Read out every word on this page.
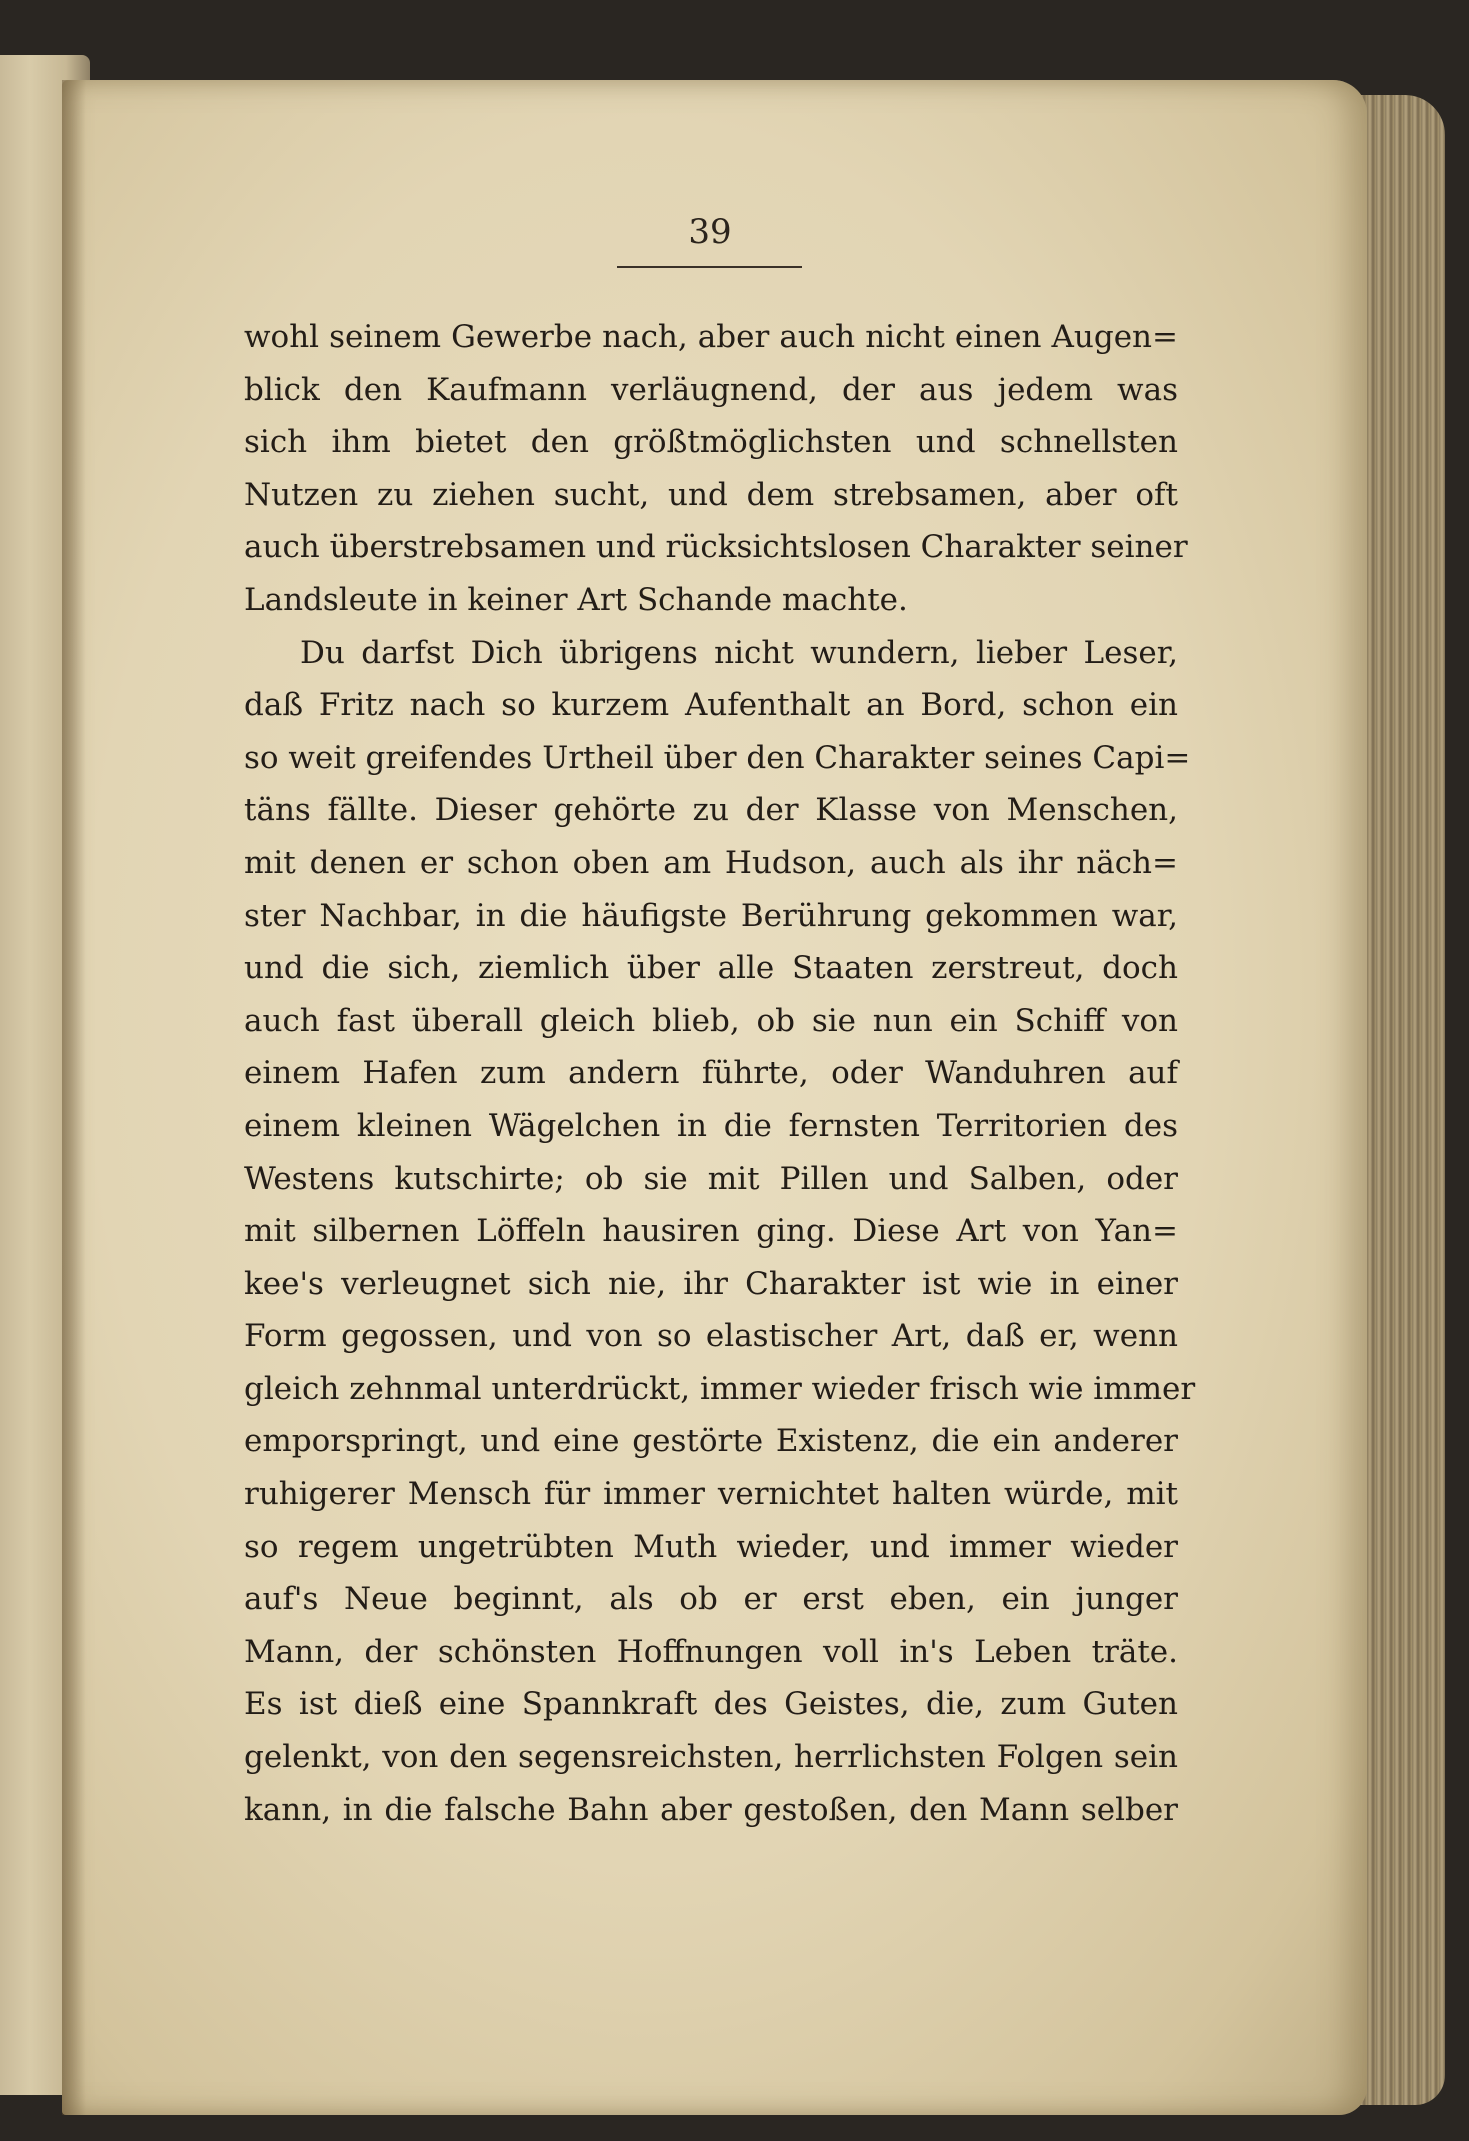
39
wohl seinem Gewerbe nach, aber auch nicht einen Augen=
blick den Kaufmann verläugnend, der aus jedem was
sich ihm bietet den größtmöglichsten und schnellsten
Nutzen zu ziehen sucht, und dem strebsamen, aber oft
auch überstrebsamen und rücksichtslosen Charakter seiner
Landsleute in keiner Art Schande machte.
Du darfst Dich übrigens nicht wundern, lieber Leser,
daß Fritz nach so kurzem Aufenthalt an Bord, schon ein
so weit greifendes Urtheil über den Charakter seines Capi=
täns fällte. Dieser gehörte zu der Klasse von Menschen,
mit denen er schon oben am Hudson, auch als ihr näch=
ster Nachbar, in die häufigste Berührung gekommen war,
und die sich, ziemlich über alle Staaten zerstreut, doch
auch fast überall gleich blieb, ob sie nun ein Schiff von
einem Hafen zum andern führte, oder Wanduhren auf
einem kleinen Wägelchen in die fernsten Territorien des
Westens kutschirte; ob sie mit Pillen und Salben, oder
mit silbernen Löffeln hausiren ging. Diese Art von Yan=
kee's verleugnet sich nie, ihr Charakter ist wie in einer
Form gegossen, und von so elastischer Art, daß er, wenn
gleich zehnmal unterdrückt, immer wieder frisch wie immer
emporspringt, und eine gestörte Existenz, die ein anderer
ruhigerer Mensch für immer vernichtet halten würde, mit
so regem ungetrübten Muth wieder, und immer wieder
auf's Neue beginnt, als ob er erst eben, ein junger
Mann, der schönsten Hoffnungen voll in's Leben träte.
Es ist dieß eine Spannkraft des Geistes, die, zum Guten
gelenkt, von den segensreichsten, herrlichsten Folgen sein
kann, in die falsche Bahn aber gestoßen, den Mann selber
